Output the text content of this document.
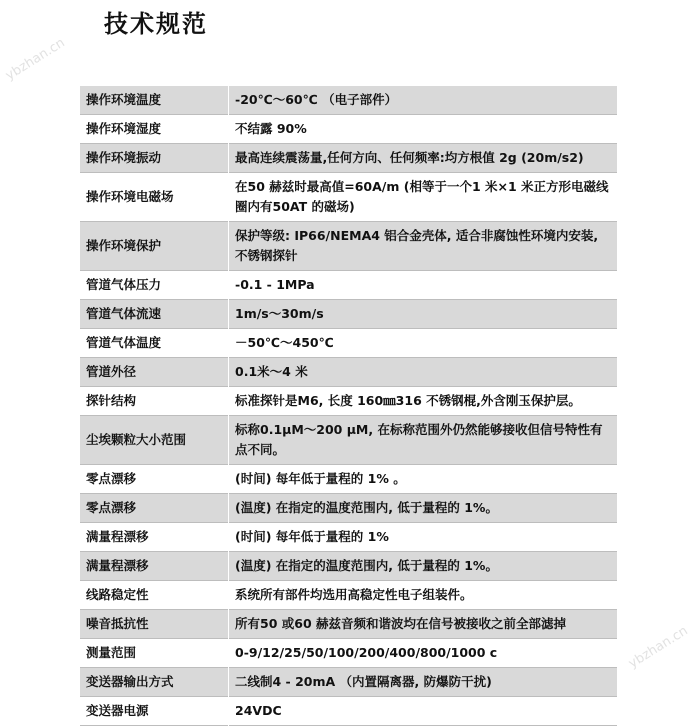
技术规范
ybzhan.cn
ybzhan.cn
操作环境温度	-20℃～60℃ （电子部件）
操作环境湿度	不结露 90%
操作环境振动	最高连续震荡量,任何方向、任何频率:均方根值 2g (20m/s2)
操作环境电磁场	在50 赫兹时最高值=60A/m (相等于一个1 米×1 米正方形电磁线圈内有50AT 的磁场)
操作环境保护	保护等级: IP66/NEMA4 铝合金壳体, 适合非腐蚀性环境内安装, 不锈钢探针
管道气体压力	-0.1 - 1MPa
管道气体流速	1m/s～30m/s
管道气体温度	－50℃～450℃
管道外径	0.1米～4 米
探针结构	标准探针是M6, 长度 160㎜316 不锈钢棍,外含刚玉保护层。
尘埃颗粒大小范围	标称0.1μM～200 μM, 在标称范围外仍然能够接收但信号特性有点不同。
零点漂移	(时间) 每年低于量程的 1% 。
零点漂移	(温度) 在指定的温度范围内, 低于量程的 1%。
满量程漂移	(时间) 每年低于量程的 1%
满量程漂移	(温度) 在指定的温度范围内, 低于量程的 1%。
线路稳定性	系统所有部件均选用高稳定性电子组装件。
噪音抵抗性	所有50 或60 赫兹音频和谐波均在信号被接收之前全部滤掉
测量范围	0-9/12/25/50/100/200/400/800/1000 c
变送器输出方式	二线制4 - 20mA （内置隔离器, 防爆防干扰)
变送器电源	24VDC
